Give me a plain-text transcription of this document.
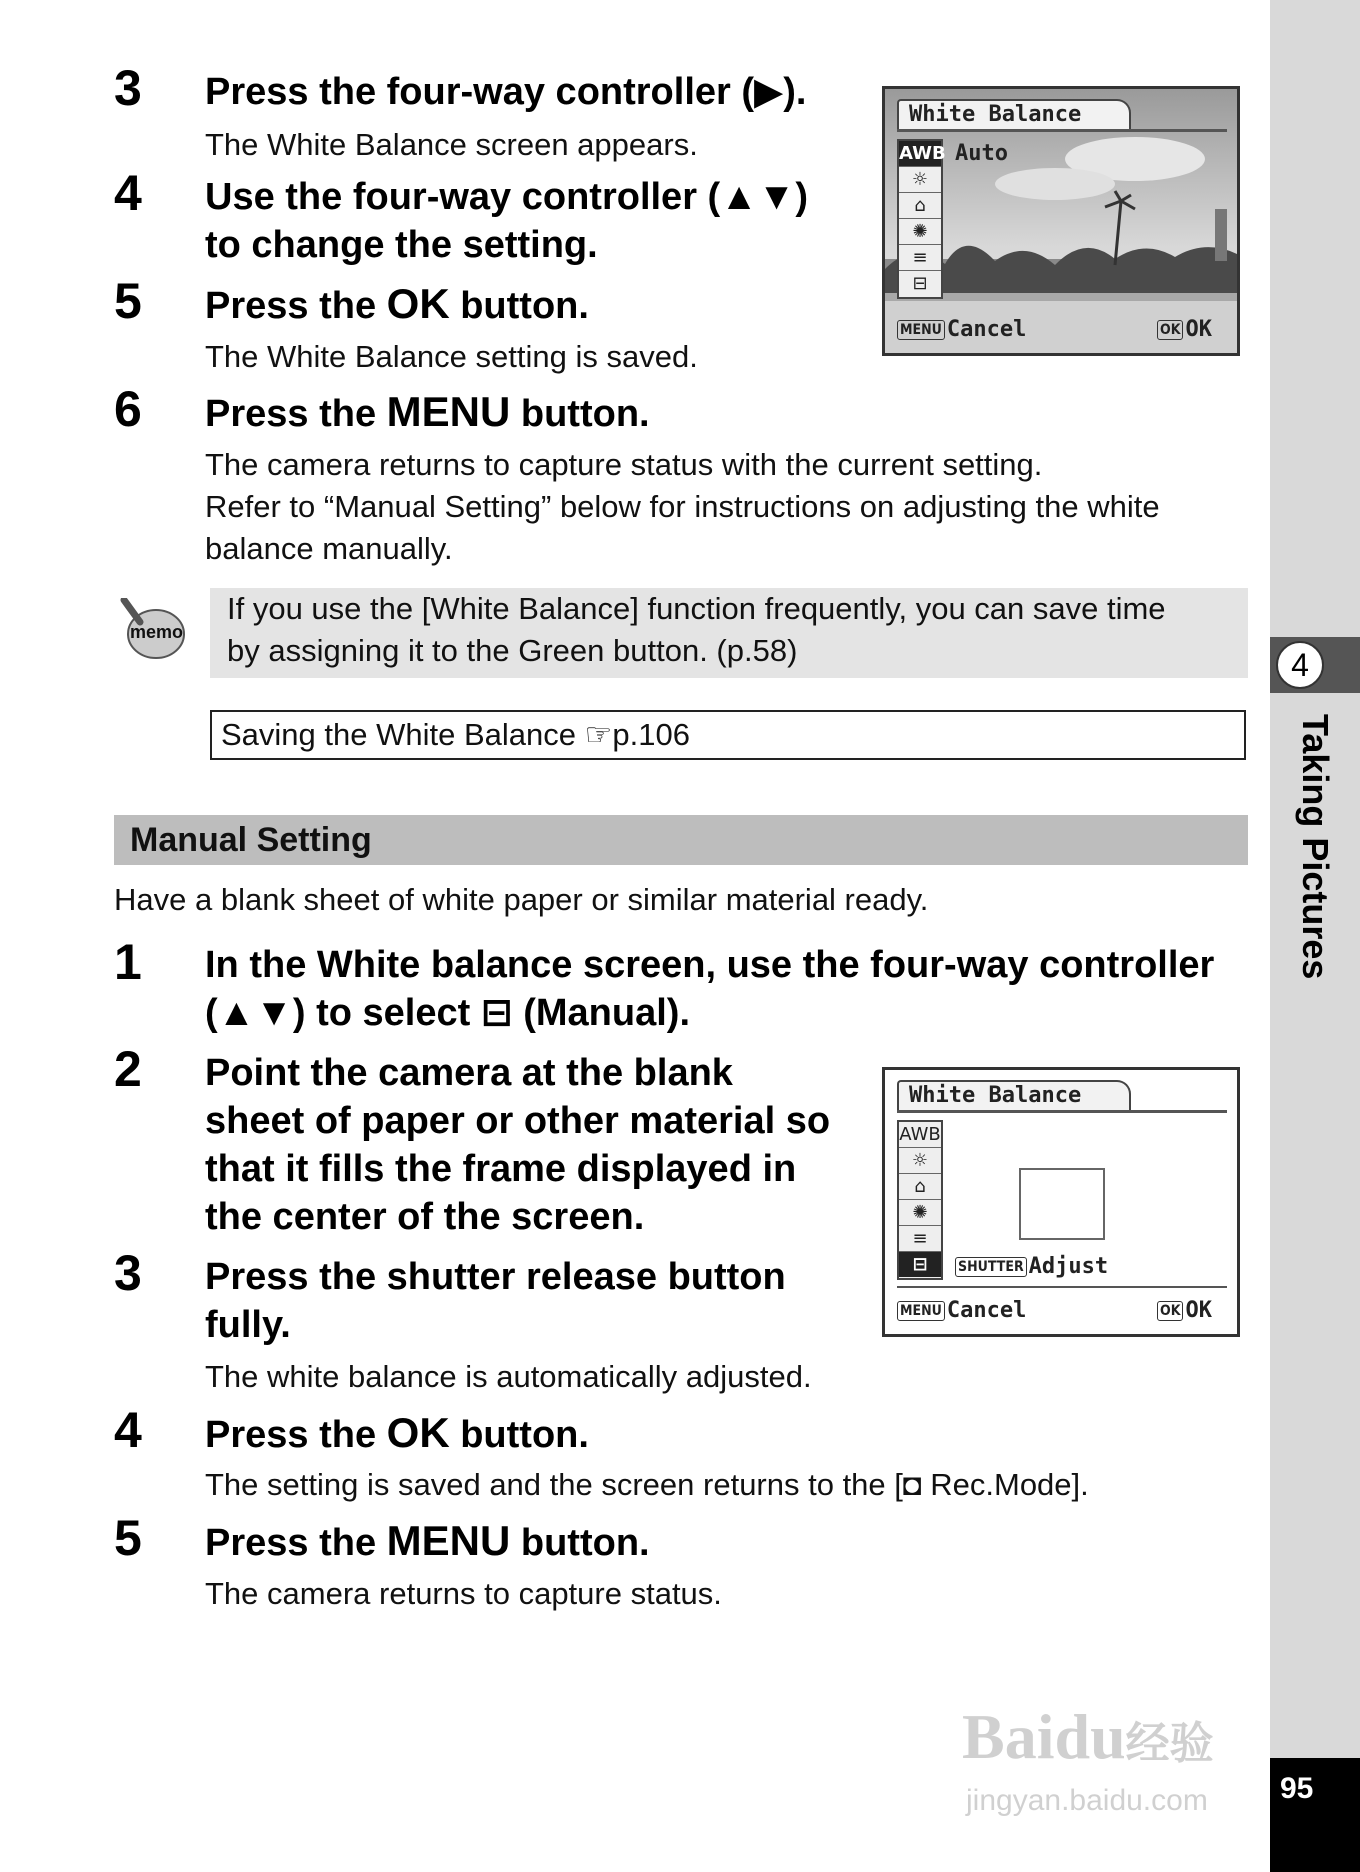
4
Taking Pictures
95
3 Press the four-way controller (▶).
The White Balance screen appears.
4 Use the four-way controller (▲▼)
to change the setting.
5 Press the OK button.
The White Balance setting is saved.
6 Press the MENU button.
The camera returns to capture status with the current setting.
Refer to “Manual Setting” below for instructions on adjusting the white
balance manually.
White Balance
AWB
☼
⌂
✺
≡
⊟
Auto
MENU Cancel	OK OK
memo
If you use the [White Balance] function frequently, you can save time
by assigning it to the Green button. (p.58)
Saving the White Balance ☞p.106
Manual Setting
Have a blank sheet of white paper or similar material ready.
1 In the White balance screen, use the four-way controller
(▲▼) to select ⊟ (Manual).
2 Point the camera at the blank
sheet of paper or other material so
that it fills the frame displayed in
the center of the screen.
3 Press the shutter release button
fully.
The white balance is automatically adjusted.
4 Press the OK button.
The setting is saved and the screen returns to the [◘ Rec.Mode].
5 Press the MENU button.
The camera returns to capture status.
White Balance
AWB
☼
⌂
✺
≡
⊟	SHUTTER Adjust
MENU Cancel	OK OK
Baidu经验
jingyan.baidu.com
